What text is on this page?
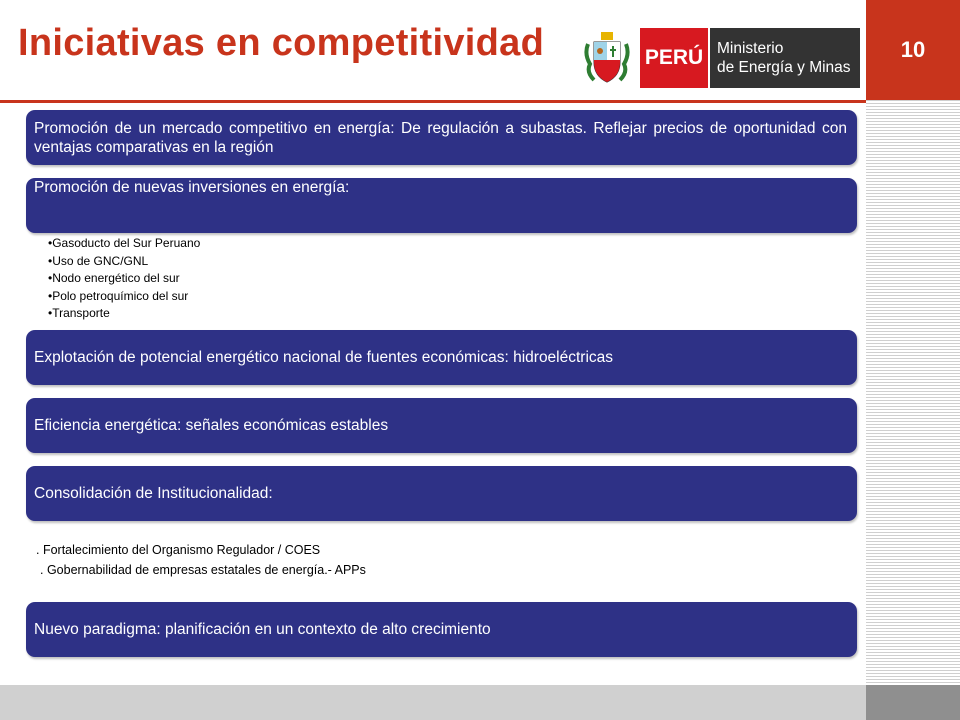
10
Iniciativas en competitividad	PERÚ Ministerio
de Energía y Minas
Promoción de un mercado competitivo en energía: De regulación a subastas. Reflejar precios de oportunidad con ventajas comparativas en la región
Promoción de nuevas inversiones en energía:
• Gasoducto del Sur Peruano
• Uso de GNC/GNL
• Nodo energético del sur
• Polo petroquímico del sur
• Transporte
Explotación de potencial energético nacional de fuentes económicas: hidroeléctricas
Eficiencia energética: señales económicas estables
Consolidación de Institucionalidad:
. Fortalecimiento del Organismo Regulador / COES
. Gobernabilidad de empresas estatales de energía.- APPs
Nuevo paradigma: planificación en un contexto de alto crecimiento
